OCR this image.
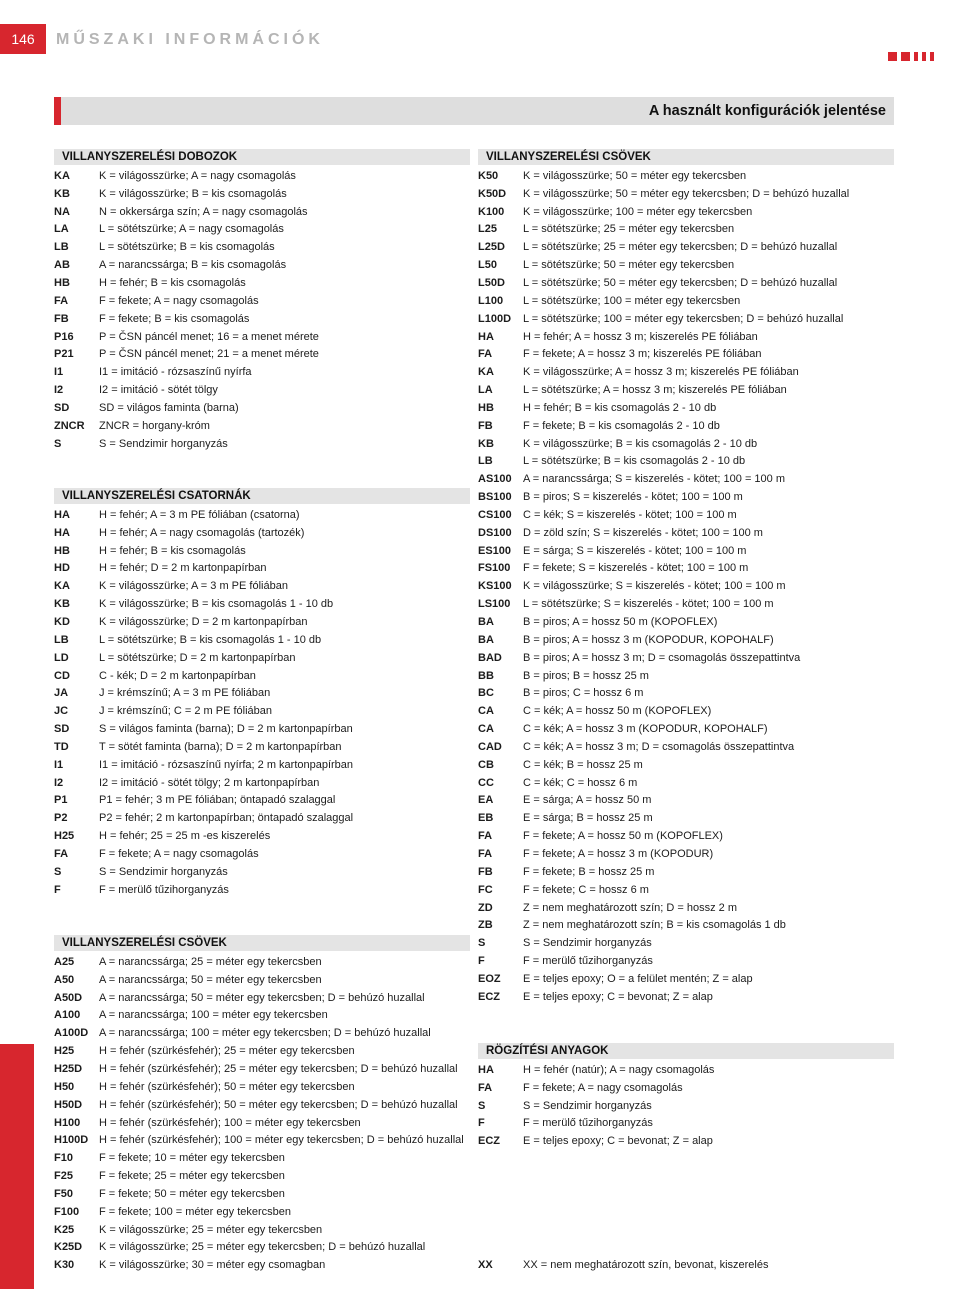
146	MŰSZAKI INFORMÁCIÓK
A használt konfigurációk jelentése
VILLANYSZERELÉSI DOBOZOK
KA	K = világosszürke; A = nagy csomagolás
KB	K = világosszürke; B = kis csomagolás
NA	N = okkersárga szín; A = nagy csomagolás
LA	L = sötétszürke; A = nagy csomagolás
LB	L = sötétszürke; B = kis csomagolás
AB	A = narancssárga; B = kis csomagolás
HB	H = fehér; B = kis csomagolás
FA	F = fekete; A = nagy csomagolás
FB	F = fekete; B = kis csomagolás
P16	P = ČSN páncél menet; 16 = a menet mérete
P21	P = ČSN páncél menet; 21 = a menet mérete
I1	I1 = imitáció - rózsaszínű nyírfa
I2	I2 = imitáció - sötét tölgy
SD	SD = világos faminta (barna)
ZNCR	ZNCR = horgany-króm
S	S = Sendzimir horganyzás
VILLANYSZERELÉSI CSATORNÁK
HA	H = fehér; A = 3 m PE fóliában (csatorna)
HA	H = fehér; A = nagy csomagolás (tartozék)
HB	H = fehér; B = kis csomagolás
HD	H = fehér; D = 2 m kartonpapírban
KA	K = világosszürke; A = 3 m PE fóliában
KB	K = világosszürke; B = kis csomagolás 1 - 10 db
KD	K = világosszürke; D = 2 m kartonpapírban
LB	L = sötétszürke; B = kis csomagolás 1 - 10 db
LD	L = sötétszürke; D = 2 m kartonpapírban
CD	C - kék; D = 2 m kartonpapírban
JA	J = krémszínű; A = 3 m PE fóliában
JC	J = krémszínű; C = 2 m PE fóliában
SD	S = világos faminta (barna); D = 2 m kartonpapírban
TD	T = sötét faminta (barna); D = 2 m kartonpapírban
I1	I1 = imitáció - rózsaszínű nyírfa; 2 m kartonpapírban
I2	I2 = imitáció - sötét tölgy; 2 m kartonpapírban
P1	P1 = fehér; 3 m PE fóliában; öntapadó szalaggal
P2	P2 = fehér; 2 m kartonpapírban; öntapadó szalaggal
H25	H = fehér; 25 = 25 m -es kiszerelés
FA	F = fekete; A = nagy csomagolás
S	S = Sendzimir horganyzás
F	F = merülő tűzihorganyzás
VILLANYSZERELÉSI CSÖVEK
A25	A = narancssárga; 25 = méter egy tekercsben
A50	A = narancssárga; 50 = méter egy tekercsben
A50D	A = narancssárga; 50 = méter egy tekercsben; D = behúzó huzallal
A100	A = narancssárga; 100 = méter egy tekercsben
A100D A = narancssárga; 100 = méter egy tekercsben; D = behúzó huzallal
H25	H = fehér (szürkésfehér); 25 = méter egy tekercsben
H25D	H = fehér (szürkésfehér); 25 = méter egy tekercsben; D = behúzó huzallal
H50	H = fehér (szürkésfehér); 50 = méter egy tekercsben
H50D	H = fehér (szürkésfehér); 50 = méter egy tekercsben; D = behúzó huzallal
H100	H = fehér (szürkésfehér); 100 = méter egy tekercsben
H100D H = fehér (szürkésfehér); 100 = méter egy tekercsben; D = behúzó huzallal
F10	F = fekete; 10 = méter egy tekercsben
F25	F = fekete; 25 = méter egy tekercsben
F50	F = fekete; 50 = méter egy tekercsben
F100	F = fekete; 100 = méter egy tekercsben
K25	K = világosszürke; 25 = méter egy tekercsben
K25D	K = világosszürke; 25 = méter egy tekercsben; D = behúzó huzallal
K30	K = világosszürke; 30 = méter egy csomagban
VILLANYSZERELÉSI CSÖVEK
K50	K = világosszürke; 50 = méter egy tekercsben
K50D	K = világosszürke; 50 = méter egy tekercsben; D = behúzó huzallal
K100	K = világosszürke; 100 = méter egy tekercsben
L25	L = sötétszürke; 25 = méter egy tekercsben
L25D	L = sötétszürke; 25 = méter egy tekercsben; D = behúzó huzallal
L50	L = sötétszürke; 50 = méter egy tekercsben
L50D	L = sötétszürke; 50 = méter egy tekercsben; D = behúzó huzallal
L100	L = sötétszürke; 100 = méter egy tekercsben
L100D	L = sötétszürke; 100 = méter egy tekercsben; D = behúzó huzallal
HA	H = fehér; A = hossz 3 m; kiszerelés PE fóliában
FA	F = fekete; A = hossz 3 m; kiszerelés PE fóliában
KA	K = világosszürke; A = hossz 3 m; kiszerelés PE fóliában
LA	L = sötétszürke; A = hossz 3 m; kiszerelés PE fóliában
HB	H = fehér; B = kis csomagolás 2 - 10 db
FB	F = fekete; B = kis csomagolás 2 - 10 db
KB	K = világosszürke; B = kis csomagolás 2 - 10 db
LB	L = sötétszürke; B = kis csomagolás 2 - 10 db
AS100	A = narancssárga; S = kiszerelés - kötet; 100 = 100 m
BS100	B = piros; S = kiszerelés - kötet; 100 = 100 m
CS100	C = kék; S = kiszerelés - kötet; 100 = 100 m
DS100	D = zöld szín; S = kiszerelés - kötet; 100 = 100 m
ES100	E = sárga; S = kiszerelés - kötet; 100 = 100 m
FS100	F = fekete; S = kiszerelés - kötet; 100 = 100 m
KS100	K = világosszürke; S = kiszerelés - kötet; 100 = 100 m
LS100	L = sötétszürke; S = kiszerelés - kötet; 100 = 100 m
BA	B = piros; A = hossz 50 m (KOPOFLEX)
BA	B = piros; A = hossz 3 m (KOPODUR, KOPOHALF)
BAD	B = piros; A = hossz 3 m; D = csomagolás összepattintva
BB	B = piros; B = hossz 25 m
BC	B = piros; C = hossz 6 m
CA	C = kék; A = hossz 50 m (KOPOFLEX)
CA	C = kék; A = hossz 3 m (KOPODUR, KOPOHALF)
CAD	C = kék; A = hossz 3 m; D = csomagolás összepattintva
CB	C = kék; B = hossz 25 m
CC	C = kék; C = hossz 6 m
EA	E = sárga; A = hossz 50 m
EB	E = sárga; B = hossz 25 m
FA	F = fekete; A = hossz 50 m (KOPOFLEX)
FA	F = fekete; A = hossz 3 m (KOPODUR)
FB	F = fekete; B = hossz 25 m
FC	F = fekete; C = hossz 6 m
ZD	Z = nem meghatározott szín; D = hossz 2 m
ZB	Z = nem meghatározott szín; B = kis csomagolás 1 db
S	S = Sendzimir horganyzás
F	F = merülő tűzihorganyzás
EOZ	E = teljes epoxy; O = a felület mentén; Z = alap
ECZ	E = teljes epoxy; C = bevonat; Z = alap
RÖGZÍTÉSI ANYAGOK
HA	H = fehér (natúr); A = nagy csomagolás
FA	F = fekete; A = nagy csomagolás
S	S = Sendzimir horganyzás
F	F = merülő tűzihorganyzás
ECZ	E = teljes epoxy; C = bevonat; Z = alap
XX	XX = nem meghatározott szín, bevonat, kiszerelés
